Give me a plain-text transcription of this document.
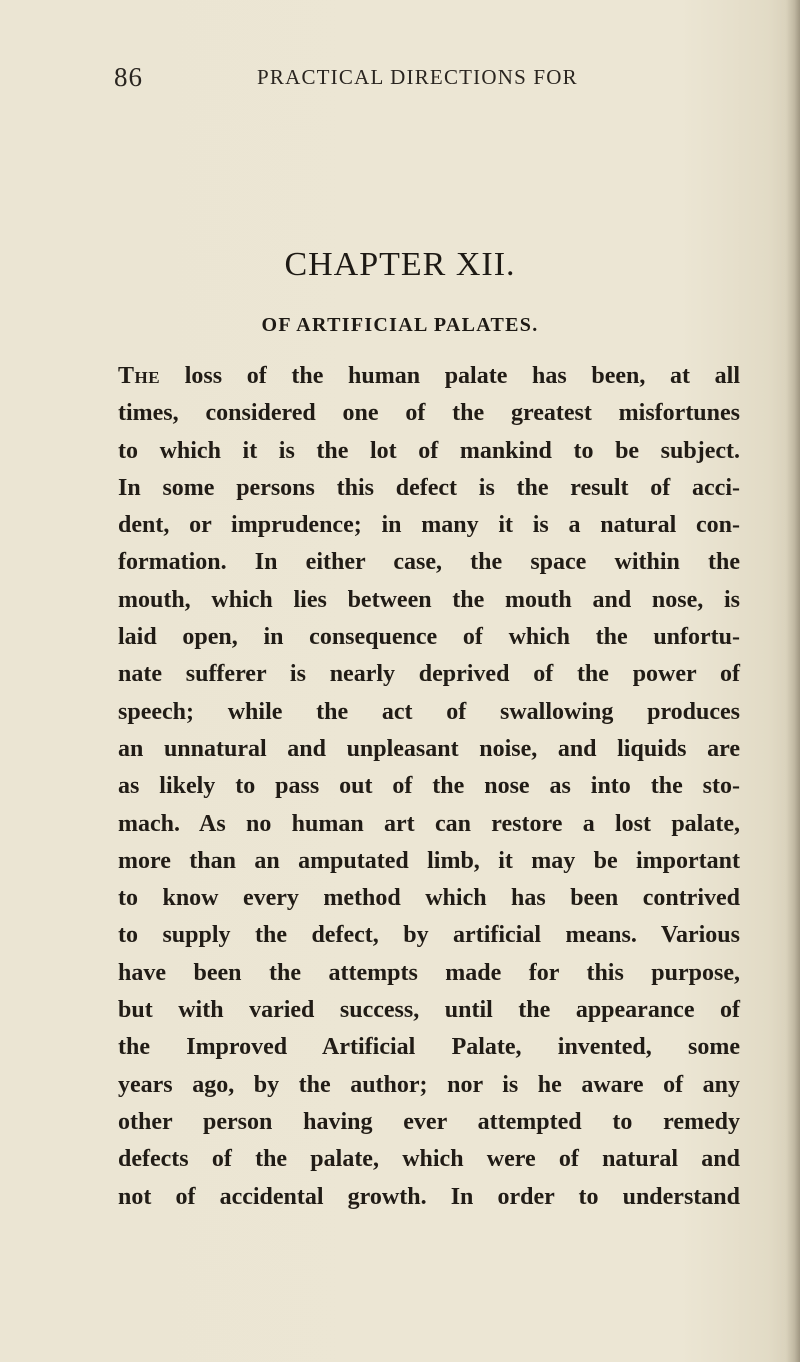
86	PRACTICAL DIRECTIONS FOR
CHAPTER XII.
OF ARTIFICIAL PALATES.
The loss of the human palate has been, at all
times, considered one of the greatest misfortunes
to which it is the lot of mankind to be subject.
In some persons this defect is the result of acci-
dent, or imprudence; in many it is a natural con-
formation. In either case, the space within the
mouth, which lies between the mouth and nose, is
laid open, in consequence of which the unfortu-
nate sufferer is nearly deprived of the power of
speech; while the act of swallowing produces
an unnatural and unpleasant noise, and liquids are
as likely to pass out of the nose as into the sto-
mach. As no human art can restore a lost palate,
more than an amputated limb, it may be important
to know every method which has been contrived
to supply the defect, by artificial means. Various
have been the attempts made for this purpose,
but with varied success, until the appearance of
the Improved Artificial Palate, invented, some
years ago, by the author; nor is he aware of any
other person having ever attempted to remedy
defects of the palate, which were of natural and
not of accidental growth. In order to understand
